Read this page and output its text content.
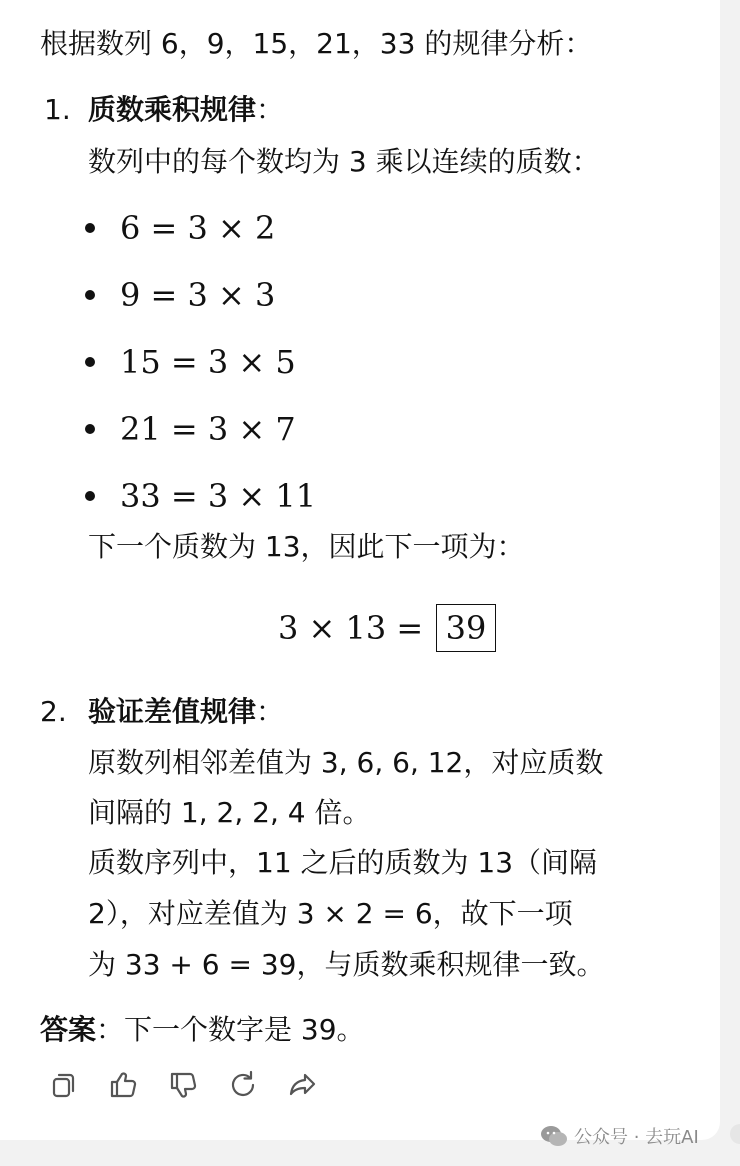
根据数列 6，9，15，21，33 的规律分析：
1. 质数乘积规律：
数列中的每个数均为 3 乘以连续的质数：
6 = 3 × 2
9 = 3 × 3
15 = 3 × 5
21 = 3 × 7
33 = 3 × 11
下一个质数为 13，因此下一项为：
3 × 13 = 39
2. 验证差值规律：
原数列相邻差值为 3, 6, 6, 12，对应质数
间隔的 1, 2, 2, 4 倍。
质数序列中，11 之后的质数为 13（间隔
2），对应差值为 3 × 2 = 6，故下一项
为 33 + 6 = 39，与质数乘积规律一致。
答案：下一个数字是 39。
公众号 · 去玩AI
